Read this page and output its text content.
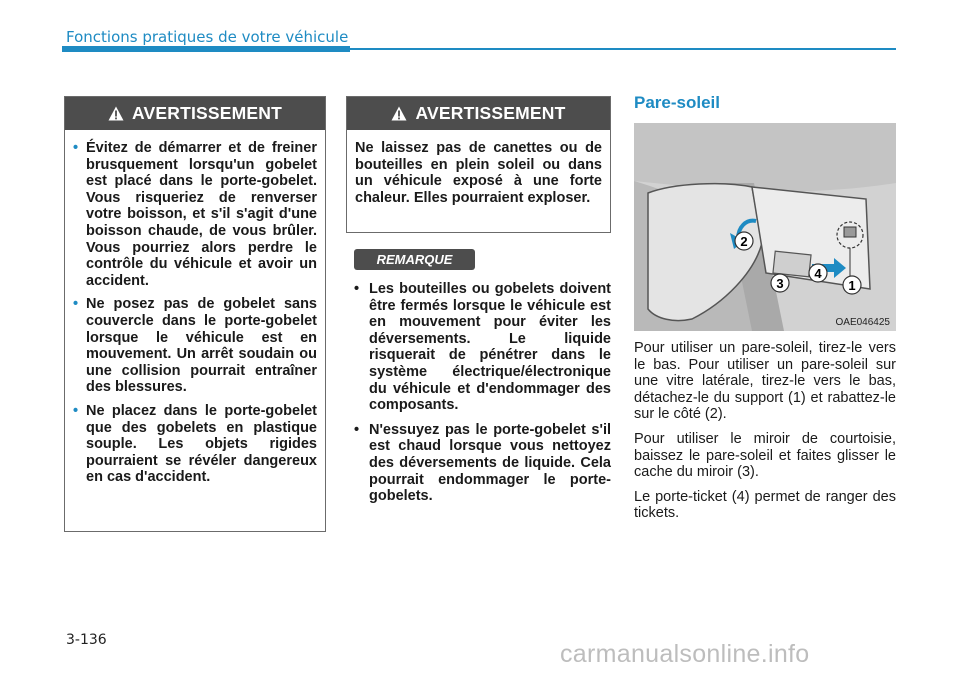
Fonctions pratiques de votre véhicule
AVERTISSEMENT
• Évitez de démarrer et de freiner brusquement lorsqu'un gobelet est placé dans le porte-gobelet. Vous risqueriez de renverser votre boisson, et s'il s'agit d'une boisson chaude, de vous brûler. Vous pourriez alors perdre le contrôle du véhicule et avoir un accident.
• Ne posez pas de gobelet sans couvercle dans le porte-gobelet lorsque le véhicule est en mouvement. Un arrêt soudain ou une collision pourrait entraîner des blessures.
• Ne placez dans le porte-gobelet que des gobelets en plastique souple. Les objets rigides pourraient se révéler dangereux en cas d'accident.
AVERTISSEMENT
Ne laissez pas de canettes ou de bouteilles en plein soleil ou dans un véhicule exposé à une forte chaleur. Elles pourraient exploser.
REMARQUE
• Les bouteilles ou gobelets doivent être fermés lorsque le véhicule est en mouvement pour éviter les déversements. Le liquide risquerait de pénétrer dans le système électrique/électronique du véhicule et d'endommager des composants.
• N'essuyez pas le porte-gobelet s'il est chaud lorsque vous nettoyez des déversements de liquide. Cela pourrait endommager le porte-gobelets.
Pare-soleil
2
3
4
1
OAE046425

Pour utiliser un pare-soleil, tirez-le vers le bas. Pour utiliser un pare-soleil sur une vitre latérale, tirez-le vers le bas, détachez-le du support (1) et rabattez-le sur le côté (2).

Pour utiliser le miroir de courtoisie, baissez le pare-soleil et faites glisser le cache du miroir (3).

Le porte-ticket (4) permet de ranger des tickets.

3-136	carmanualsonline.info
